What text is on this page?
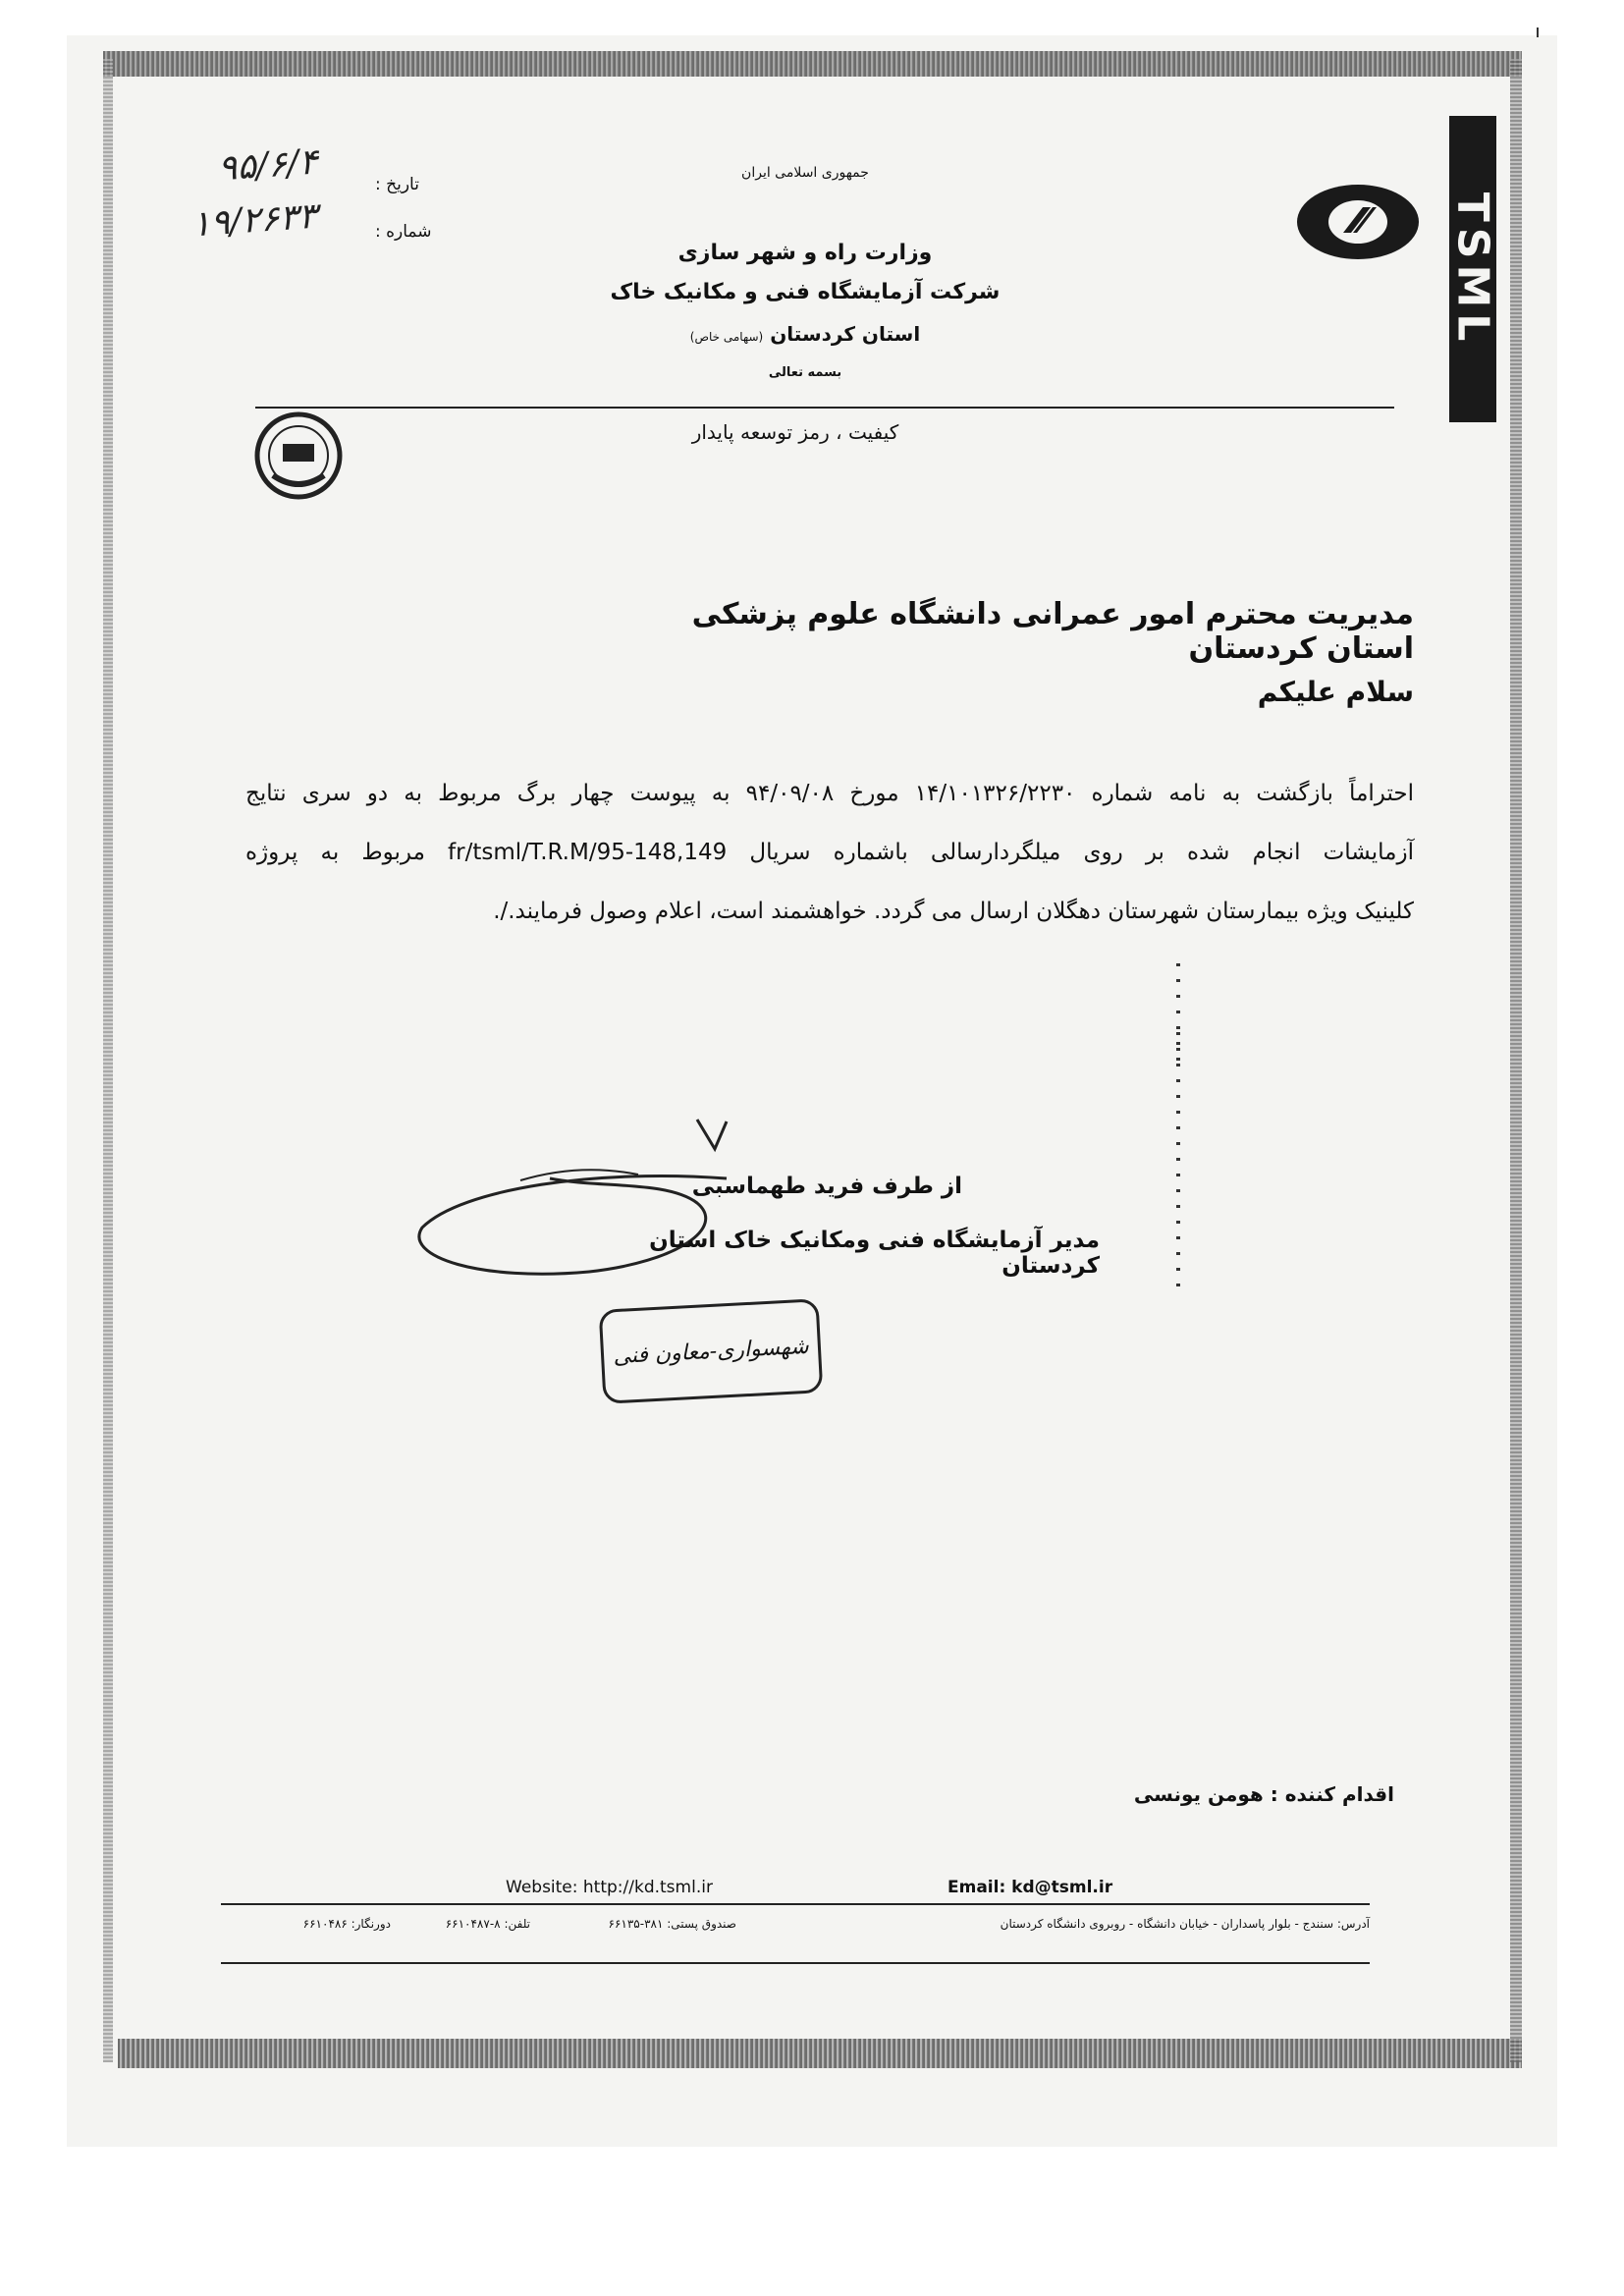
TSML
جمهوری اسلامی ایران
وزارت راه و شهر سازی
شرکت آزمایشگاه فنی و مکانیک خاک
استان کردستان (سهامی خاص)
بسمه تعالی
تاریخ :
شماره :
۹۵/۶/۴
۱۹/۲۶۳۳
کیفیت ، رمز توسعه پایدار
مدیریت محترم امور عمرانی دانشگاه علوم پزشکی استان کردستان
سلام علیکم
احتراماً بازگشت به نامه شماره ۱۴/۱۰۱۳۲۶/۲۲۳۰ مورخ ۹۴/۰۹/۰۸ به پیوست چهار برگ مربوط به دو سری نتایج
آزمایشات انجام شده بر روی میلگردارسالی باشماره سریال fr/tsml/T.R.M/95-148,149 مربوط به پروژه
کلینیک ویژه بیمارستان شهرستان دهگلان ارسال می گردد. خواهشمند است، اعلام وصول فرمایند./.
از طرف فرید طهماسبی
مدیر آزمایشگاه فنی ومکانیک خاک استان کردستان
شهسواری-معاون فنی
اقدام کننده : هومن یونسی
Website: http://kd.tsml.ir	Email: kd@tsml.ir
آدرس: سنندج - بلوار پاسداران - خیابان دانشگاه - روبروی دانشگاه کردستان
صندوق پستی: ۳۸۱-۶۶۱۳۵
تلفن: ۸-۶۶۱۰۴۸۷
دورنگار: ۶۶۱۰۴۸۶
